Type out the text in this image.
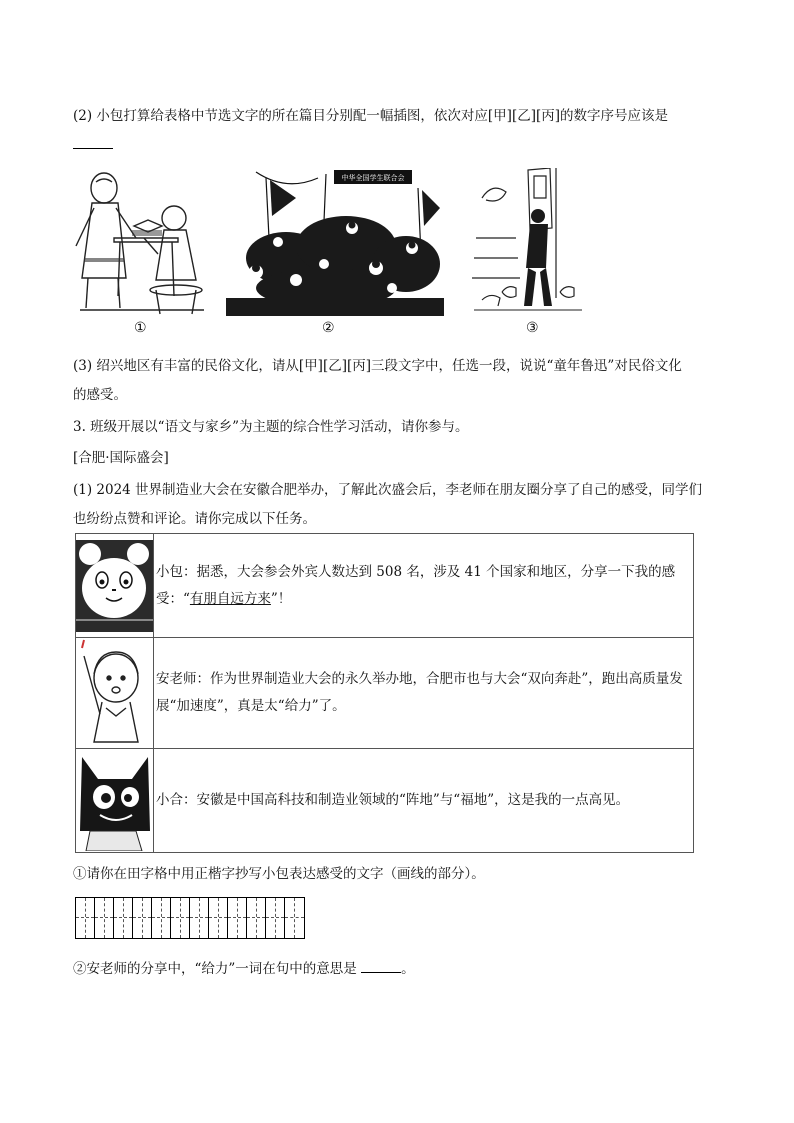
(2) 小包打算给表格中节选文字的所在篇目分别配一幅插图，依次对应[甲][乙][丙]的数字序号应该是
①
中华全国学生联合会
②	③
(3) 绍兴地区有丰富的民俗文化，请从[甲][乙][丙]三段文字中，任选一段，说说“童年鲁迅”对民俗文化
的感受。
3. 班级开展以“语文与家乡”为主题的综合性学习活动，请你参与。
[合肥·国际盛会]
(1) 2024 世界制造业大会在安徽合肥举办，了解此次盛会后，李老师在朋友圈分享了自己的感受，同学们
也纷纷点赞和评论。请你完成以下任务。
	小包：据悉，大会参会外宾人数达到 508 名，涉及 41 个国家和地区，分享一下我的感受：“有朋自远方来”！

	安老师：作为世界制造业大会的永久举办地，合肥市也与大会“双向奔赴”，跑出高质量发展“加速度”，真是太“给力”了。

	小合：安徽是中国高科技和制造业领域的“阵地”与“福地”，这是我的一点高见。
①请你在田字格中用正楷字抄写小包表达感受的文字（画线的部分）。
②安老师的分享中，“给力”一词在句中的意思是	。
